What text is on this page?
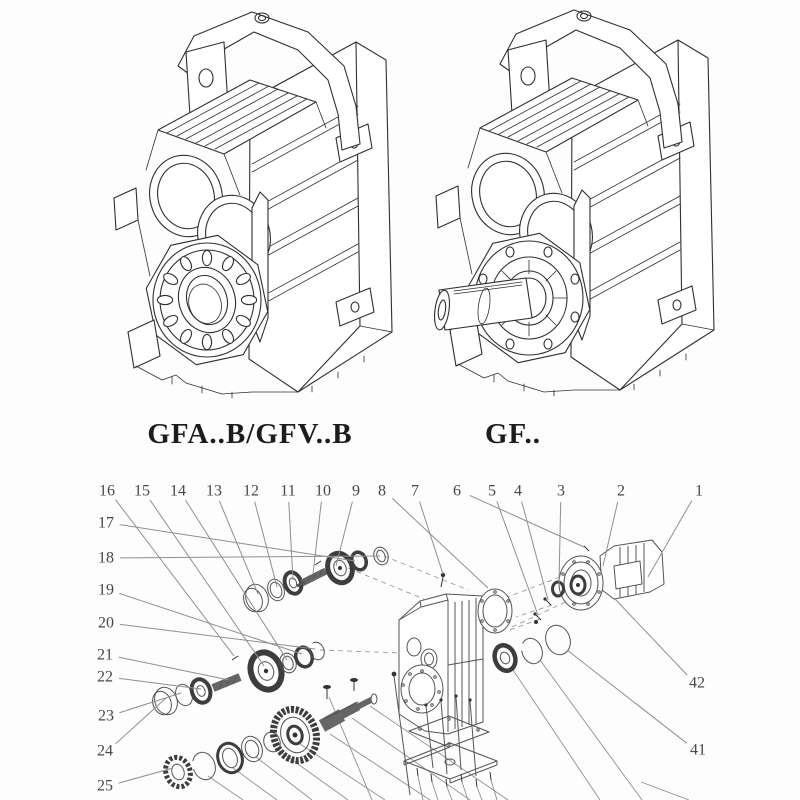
1
2
3
4
5
6
7
8
9
10
11
12
13
14
15
16
17
18
19
20
21
22
23
24
25
42
41
GFA..B/GFV..B	GF..
